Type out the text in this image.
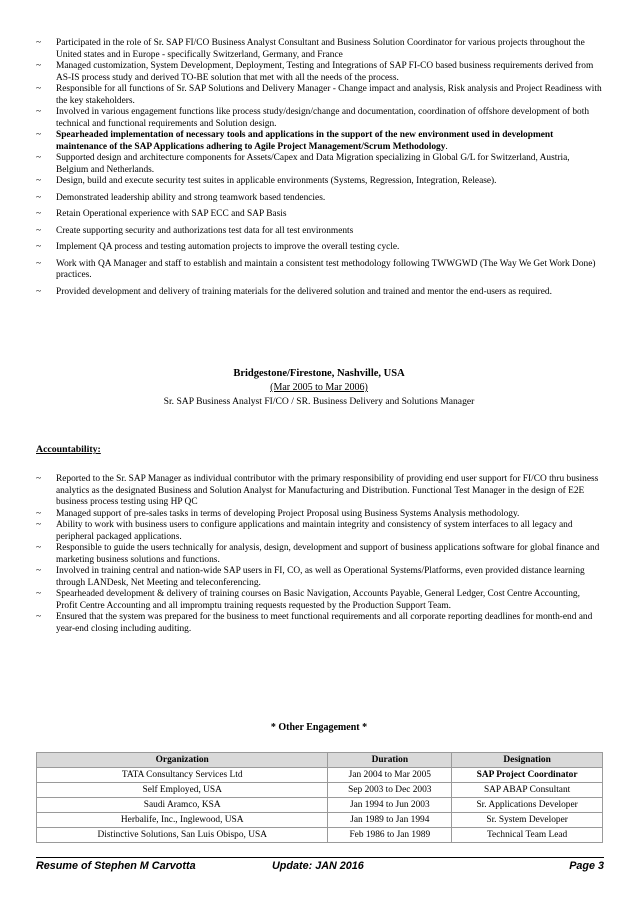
~ Participated in the role of Sr. SAP FI/CO Business Analyst Consultant and Business Solution Coordinator for various projects throughout the United states and in Europe - specifically Switzerland, Germany, and France
~ Managed customization, System Development, Deployment, Testing and Integrations of SAP FI-CO based business requirements derived from AS-IS process study and derived TO-BE solution that met with all the needs of the process.
~ Responsible for all functions of Sr. SAP Solutions and Delivery Manager - Change impact and analysis, Risk analysis and Project Readiness with the key stakeholders.
~ Involved in various engagement functions like process study/design/change and documentation, coordination of offshore development of both technical and functional requirements and Solution design.
~ Spearheaded implementation of necessary tools and applications in the support of the new environment used in development maintenance of the SAP Applications adhering to Agile Project Management/Scrum Methodology.
~ Supported design and architecture components for Assets/Capex and Data Migration specializing in Global G/L for Switzerland, Austria, Belgium and Netherlands.
~ Design, build and execute security test suites in applicable environments (Systems, Regression, Integration, Release).
~ Demonstrated leadership ability and strong teamwork based tendencies.
~ Retain Operational experience with SAP ECC and SAP Basis
~ Create supporting security and authorizations test data for all test environments
~ Implement QA process and testing automation projects to improve the overall testing cycle.
~ Work with QA Manager and staff to establish and maintain a consistent test methodology following TWWGWD (The Way We Get Work Done) practices.
~ Provided development and delivery of training materials for the delivered solution and trained and mentor the end-users as required.
Bridgestone/Firestone, Nashville, USA
(Mar 2005 to Mar 2006)
Sr. SAP Business Analyst FI/CO / SR. Business Delivery and Solutions Manager
Accountability:
~ Reported to the Sr. SAP Manager as individual contributor with the primary responsibility of providing end user support for FI/CO thru business analytics as the designated Business and Solution Analyst for Manufacturing and Distribution. Functional Test Manager in the design of E2E business process testing using HP QC
~ Managed support of pre-sales tasks in terms of developing Project Proposal using Business Systems Analysis methodology.
~ Ability to work with business users to configure applications and maintain integrity and consistency of system interfaces to all legacy and peripheral packaged applications.
~ Responsible to guide the users technically for analysis, design, development and support of business applications software for global finance and marketing business solutions and functions.
~ Involved in training central and nation-wide SAP users in FI, CO, as well as Operational Systems/Platforms, even provided distance learning through LANDesk, Net Meeting and teleconferencing.
~ Spearheaded development & delivery of training courses on Basic Navigation, Accounts Payable, General Ledger, Cost Centre Accounting, Profit Centre Accounting and all impromptu training requests requested by the Production Support Team.
~ Ensured that the system was prepared for the business to meet functional requirements and all corporate reporting deadlines for month-end and year-end closing including auditing.
* Other Engagement *
Organization	Duration	Designation
TATA Consultancy Services Ltd	Jan 2004 to Mar 2005	SAP Project Coordinator
Self Employed, USA	Sep 2003 to Dec 2003	SAP ABAP Consultant
Saudi Aramco, KSA	Jan 1994 to Jun 2003	Sr. Applications Developer
Herbalife, Inc., Inglewood, USA	Jan 1989 to Jan 1994	Sr. System Developer
Distinctive Solutions, San Luis Obispo, USA	Feb 1986 to Jan 1989	Technical Team Lead
Resume of Stephen M Carvotta	Update: JAN 2016	Page 3
